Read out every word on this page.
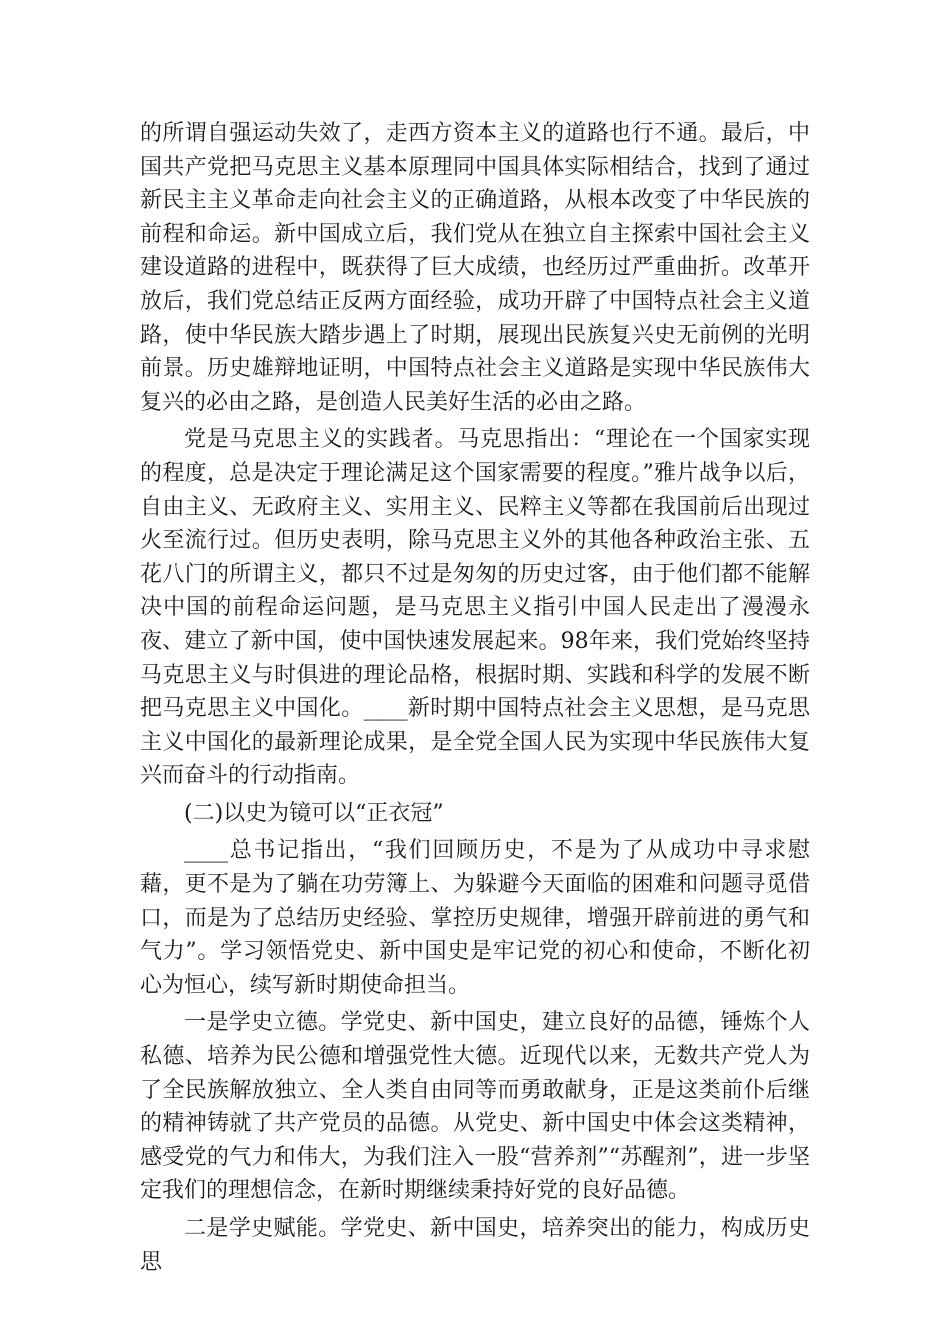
的所谓自强运动失效了，走西方资本主义的道路也行不通。最后，中国共产党把马克思主义基本原理同中国具体实际相结合，找到了通过新民主主义革命走向社会主义的正确道路，从根本改变了中华民族的前程和命运。新中国成立后，我们党从在独立自主探索中国社会主义建设道路的进程中，既获得了巨大成绩，也经历过严重曲折。改革开放后，我们党总结正反两方面经验，成功开辟了中国特点社会主义道路，使中华民族大踏步遇上了时期，展现出民族复兴史无前例的光明前景。历史雄辩地证明，中国特点社会主义道路是实现中华民族伟大复兴的必由之路，是创造人民美好生活的必由之路。

党是马克思主义的实践者。马克思指出：“理论在一个国家实现的程度，总是决定于理论满足这个国家需要的程度。”雅片战争以后，自由主义、无政府主义、实用主义、民粹主义等都在我国前后出现过火至流行过。但历史表明，除马克思主义外的其他各种政治主张、五花八门的所谓主义，都只不过是匆匆的历史过客，由于他们都不能解决中国的前程命运问题，是马克思主义指引中国人民走出了漫漫永夜、建立了新中国，使中国快速发展起来。98年来，我们党始终坚持马克思主义与时俱进的理论品格，根据时期、实践和科学的发展不断把马克思主义中国化。____新时期中国特点社会主义思想，是马克思主义中国化的最新理论成果，是全党全国人民为实现中华民族伟大复兴而奋斗的行动指南。

(二)以史为镜可以“正衣冠”

____总书记指出，“我们回顾历史，不是为了从成功中寻求慰藉，更不是为了躺在功劳簿上、为躲避今天面临的困难和问题寻觅借口，而是为了总结历史经验、掌控历史规律，增强开辟前进的勇气和气力”。学习领悟党史、新中国史是牢记党的初心和使命，不断化初心为恒心，续写新时期使命担当。

一是学史立德。学党史、新中国史，建立良好的品德，锤炼个人私德、培养为民公德和增强党性大德。近现代以来，无数共产党人为了全民族解放独立、全人类自由同等而勇敢献身，正是这类前仆后继的精神铸就了共产党员的品德。从党史、新中国史中体会这类精神，感受党的气力和伟大，为我们注入一股“营养剂”“苏醒剂”，进一步坚定我们的理想信念，在新时期继续秉持好党的良好品德。

二是学史赋能。学党史、新中国史，培养突出的能力，构成历史思
